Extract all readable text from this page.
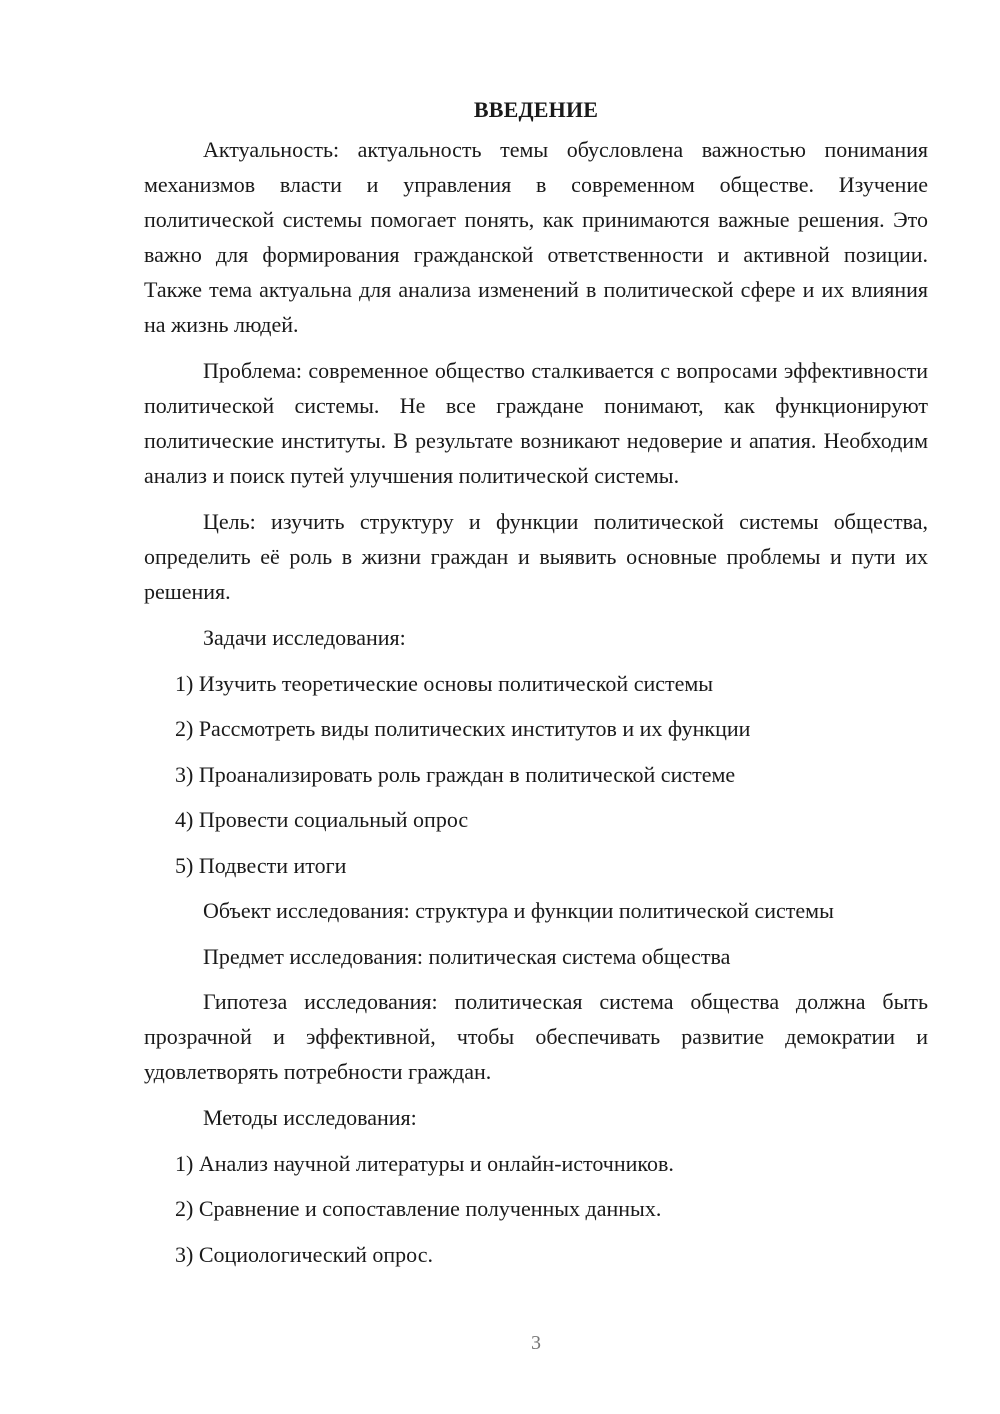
ВВЕДЕНИЕ

Актуальность: актуальность темы обусловлена важностью понимания механизмов власти и управления в современном обществе. Изучение политической системы помогает понять, как принимаются важные решения. Это важно для формирования гражданской ответственности и активной позиции. Также тема актуальна для анализа изменений в политической сфере и их влияния на жизнь людей.

Проблема: современное общество сталкивается с вопросами эффективности политической системы. Не все граждане понимают, как функционируют политические институты. В результате возникают недоверие и апатия. Необходим анализ и поиск путей улучшения политической системы.

Цель: изучить структуру и функции политической системы общества, определить её роль в жизни граждан и выявить основные проблемы и пути их решения.

Задачи исследования:
1) Изучить теоретические основы политической системы
2) Рассмотреть виды политических институтов и их функции
3) Проанализировать роль граждан в политической системе
4) Провести социальный опрос
5) Подвести итоги
Объект исследования: структура и функции политической системы
Предмет исследования: политическая система общества

Гипотеза исследования: политическая система общества должна быть прозрачной и эффективной, чтобы обеспечивать развитие демократии и удовлетворять потребности граждан.

Методы исследования:
1) Анализ научной литературы и онлайн-источников.
2) Сравнение и сопоставление полученных данных.
3) Социологический опрос.
3
